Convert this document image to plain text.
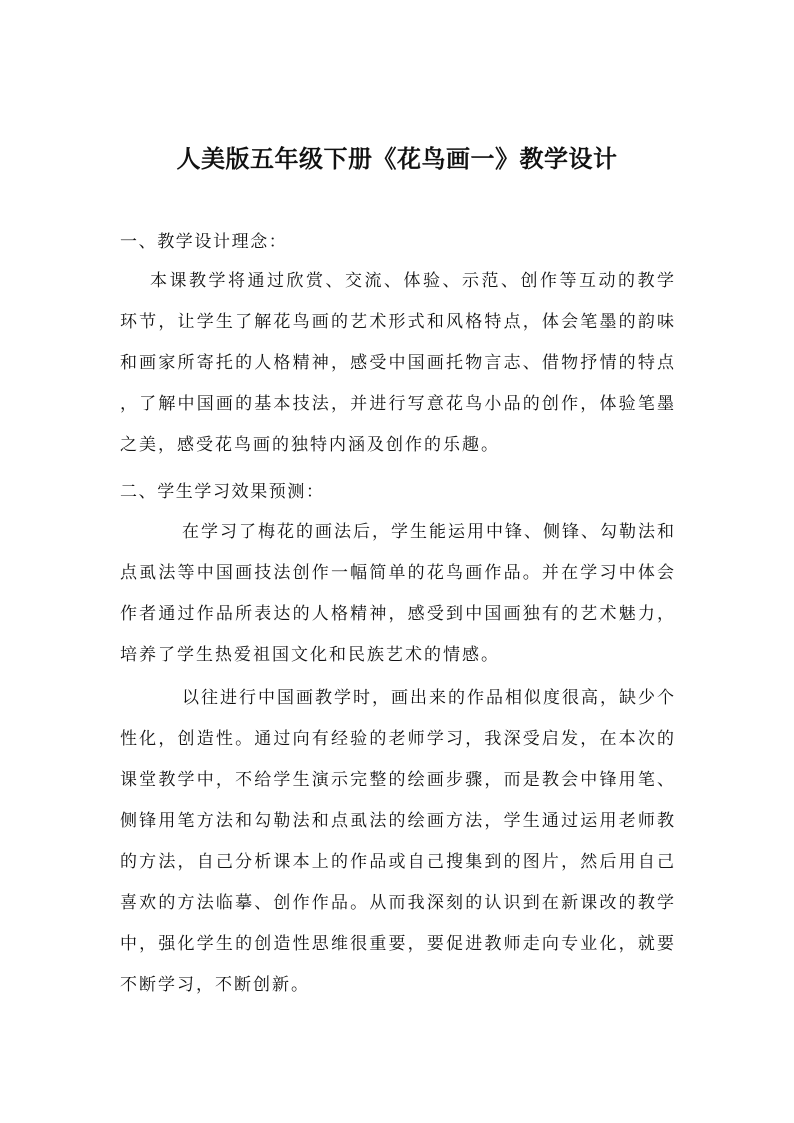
人美版五年级下册《花鸟画一》教学设计
一、教学设计理念：

本课教学将通过欣赏、交流、体验、示范、创作等互动的教学环节，让学生了解花鸟画的艺术形式和风格特点，体会笔墨的韵味和画家所寄托的人格精神，感受中国画托物言志、借物抒情的特点，了解中国画的基本技法，并进行写意花鸟小品的创作，体验笔墨之美，感受花鸟画的独特内涵及创作的乐趣。

二、学生学习效果预测：

在学习了梅花的画法后，学生能运用中锋、侧锋、勾勒法和点虱法等中国画技法创作一幅简单的花鸟画作品。并在学习中体会作者通过作品所表达的人格精神，感受到中国画独有的艺术魅力，培养了学生热爱祖国文化和民族艺术的情感。

以往进行中国画教学时，画出来的作品相似度很高，缺少个性化，创造性。通过向有经验的老师学习，我深受启发，在本次的课堂教学中，不给学生演示完整的绘画步骤，而是教会中锋用笔、侧锋用笔方法和勾勒法和点虱法的绘画方法，学生通过运用老师教的方法，自己分析课本上的作品或自己搜集到的图片，然后用自己喜欢的方法临摹、创作作品。从而我深刻的认识到在新课改的教学中，强化学生的创造性思维很重要，要促进教师走向专业化，就要不断学习，不断创新。
